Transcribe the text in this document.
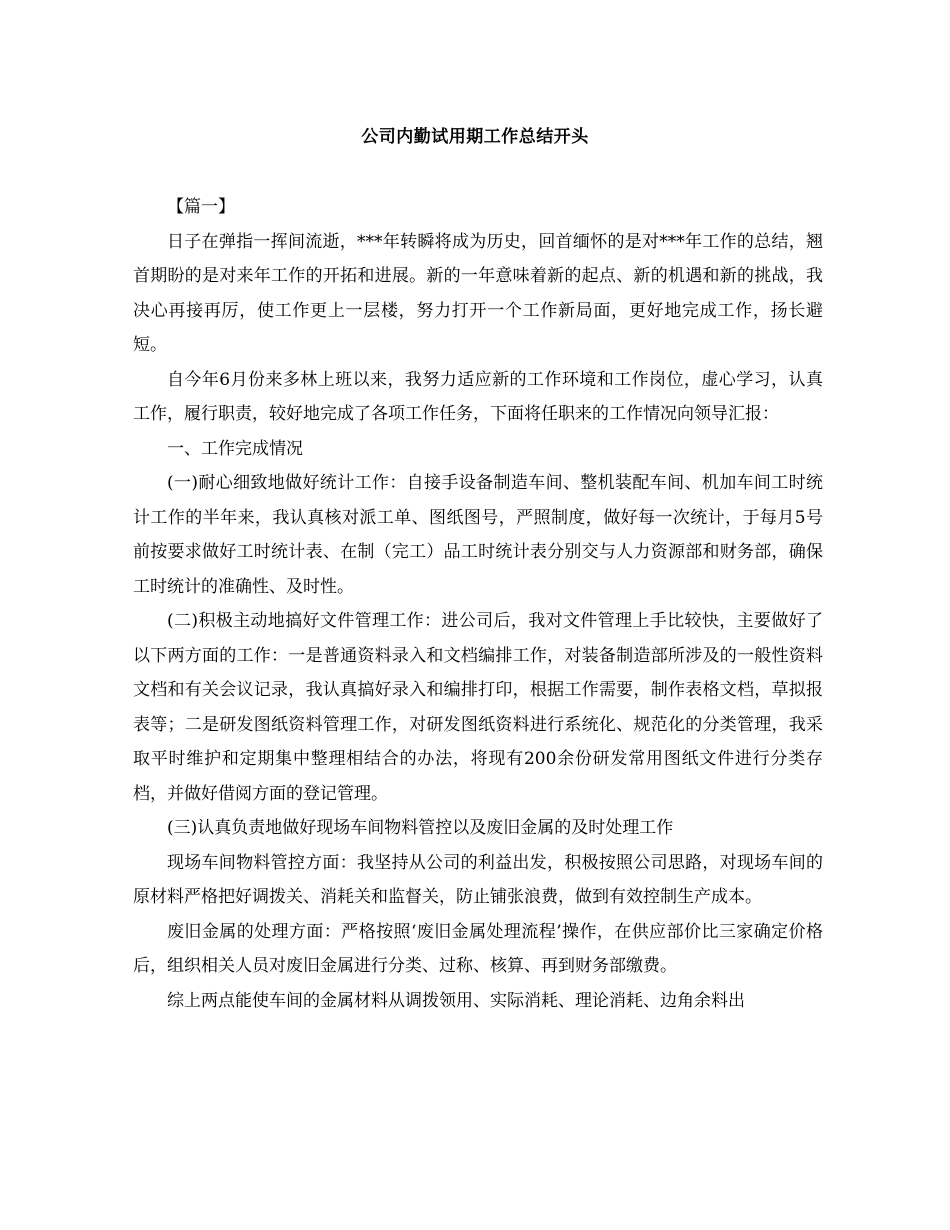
公司内勤试用期工作总结开头

【篇一】

日子在弹指一挥间流逝，***年转瞬将成为历史，回首缅怀的是对***年工作的总结，翘首期盼的是对来年工作的开拓和进展。新的一年意味着新的起点、新的机遇和新的挑战，我决心再接再厉，使工作更上一层楼，努力打开一个工作新局面，更好地完成工作，扬长避短。

自今年6月份来多林上班以来，我努力适应新的工作环境和工作岗位，虚心学习，认真工作，履行职责，较好地完成了各项工作任务，下面将任职来的工作情况向领导汇报：

一、工作完成情况

(一)耐心细致地做好统计工作：自接手设备制造车间、整机装配车间、机加车间工时统计工作的半年来，我认真核对派工单、图纸图号，严照制度，做好每一次统计，于每月5号前按要求做好工时统计表、在制（完工）品工时统计表分别交与人力资源部和财务部，确保工时统计的准确性、及时性。

(二)积极主动地搞好文件管理工作：进公司后，我对文件管理上手比较快，主要做好了以下两方面的工作：一是普通资料录入和文档编排工作，对装备制造部所涉及的一般性资料文档和有关会议记录，我认真搞好录入和编排打印，根据工作需要，制作表格文档，草拟报表等；二是研发图纸资料管理工作，对研发图纸资料进行系统化、规范化的分类管理，我采取平时维护和定期集中整理相结合的办法，将现有200余份研发常用图纸文件进行分类存档，并做好借阅方面的登记管理。

(三)认真负责地做好现场车间物料管控以及废旧金属的及时处理工作

现场车间物料管控方面：我坚持从公司的利益出发，积极按照公司思路，对现场车间的原材料严格把好调拨关、消耗关和监督关，防止铺张浪费，做到有效控制生产成本。

废旧金属的处理方面：严格按照‘废旧金属处理流程’操作，在供应部价比三家确定价格后，组织相关人员对废旧金属进行分类、过称、核算、再到财务部缴费。

综上两点能使车间的金属材料从调拨领用、实际消耗、理论消耗、边角余料出
